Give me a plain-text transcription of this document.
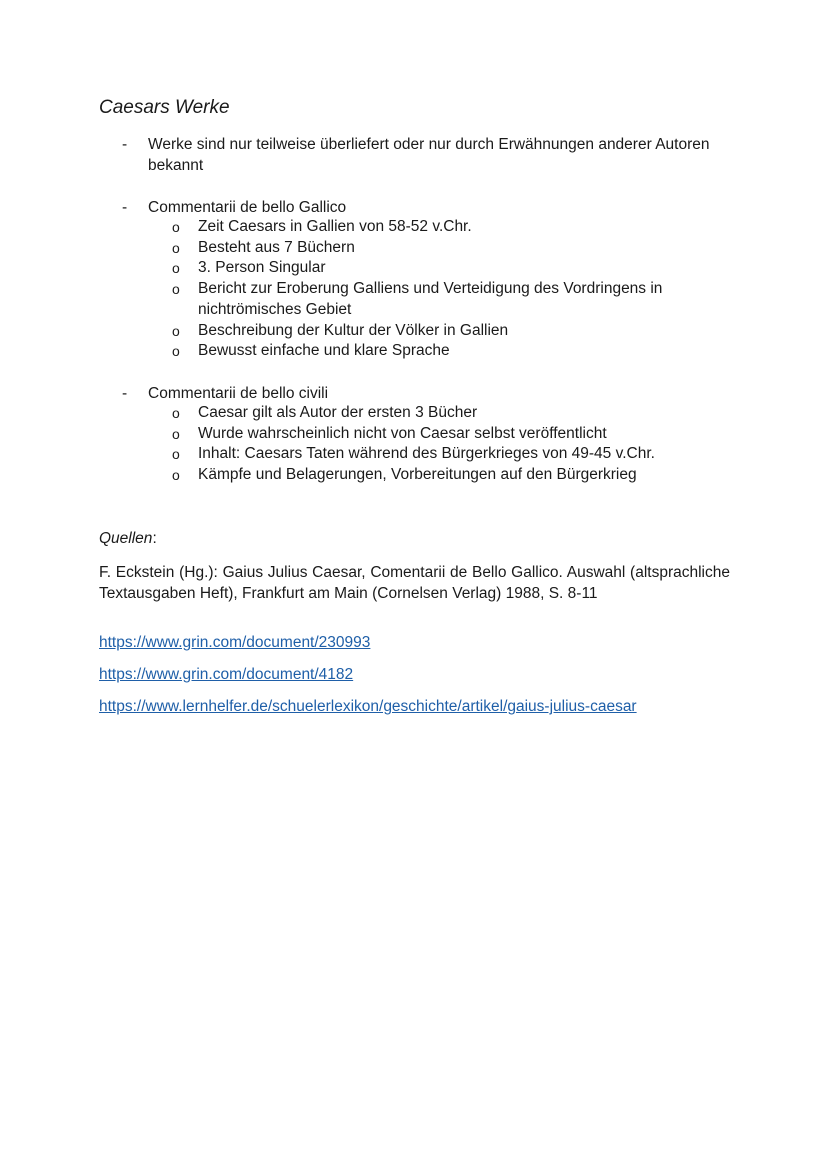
Caesars Werke
- Werke sind nur teilweise überliefert oder nur durch Erwähnungen anderer Autoren bekannt
- Commentarii de bello Gallico
o Zeit Caesars in Gallien von 58-52 v.Chr.
o Besteht aus 7 Büchern
o 3. Person Singular
o Bericht zur Eroberung Galliens und Verteidigung des Vordringens in nichtrömisches Gebiet
o Beschreibung der Kultur der Völker in Gallien
o Bewusst einfache und klare Sprache
- Commentarii de bello civili
o Caesar gilt als Autor der ersten 3 Bücher
o Wurde wahrscheinlich nicht von Caesar selbst veröffentlicht
o Inhalt: Caesars Taten während des Bürgerkrieges von 49-45 v.Chr.
o Kämpfe und Belagerungen, Vorbereitungen auf den Bürgerkrieg
Quellen:
F. Eckstein (Hg.): Gaius Julius Caesar, Comentarii de Bello Gallico. Auswahl (altsprachliche Textausgaben Heft), Frankfurt am Main (Cornelsen Verlag) 1988, S. 8-11
https://www.grin.com/document/230993
https://www.grin.com/document/4182
https://www.lernhelfer.de/schuelerlexikon/geschichte/artikel/gaius-julius-caesar
